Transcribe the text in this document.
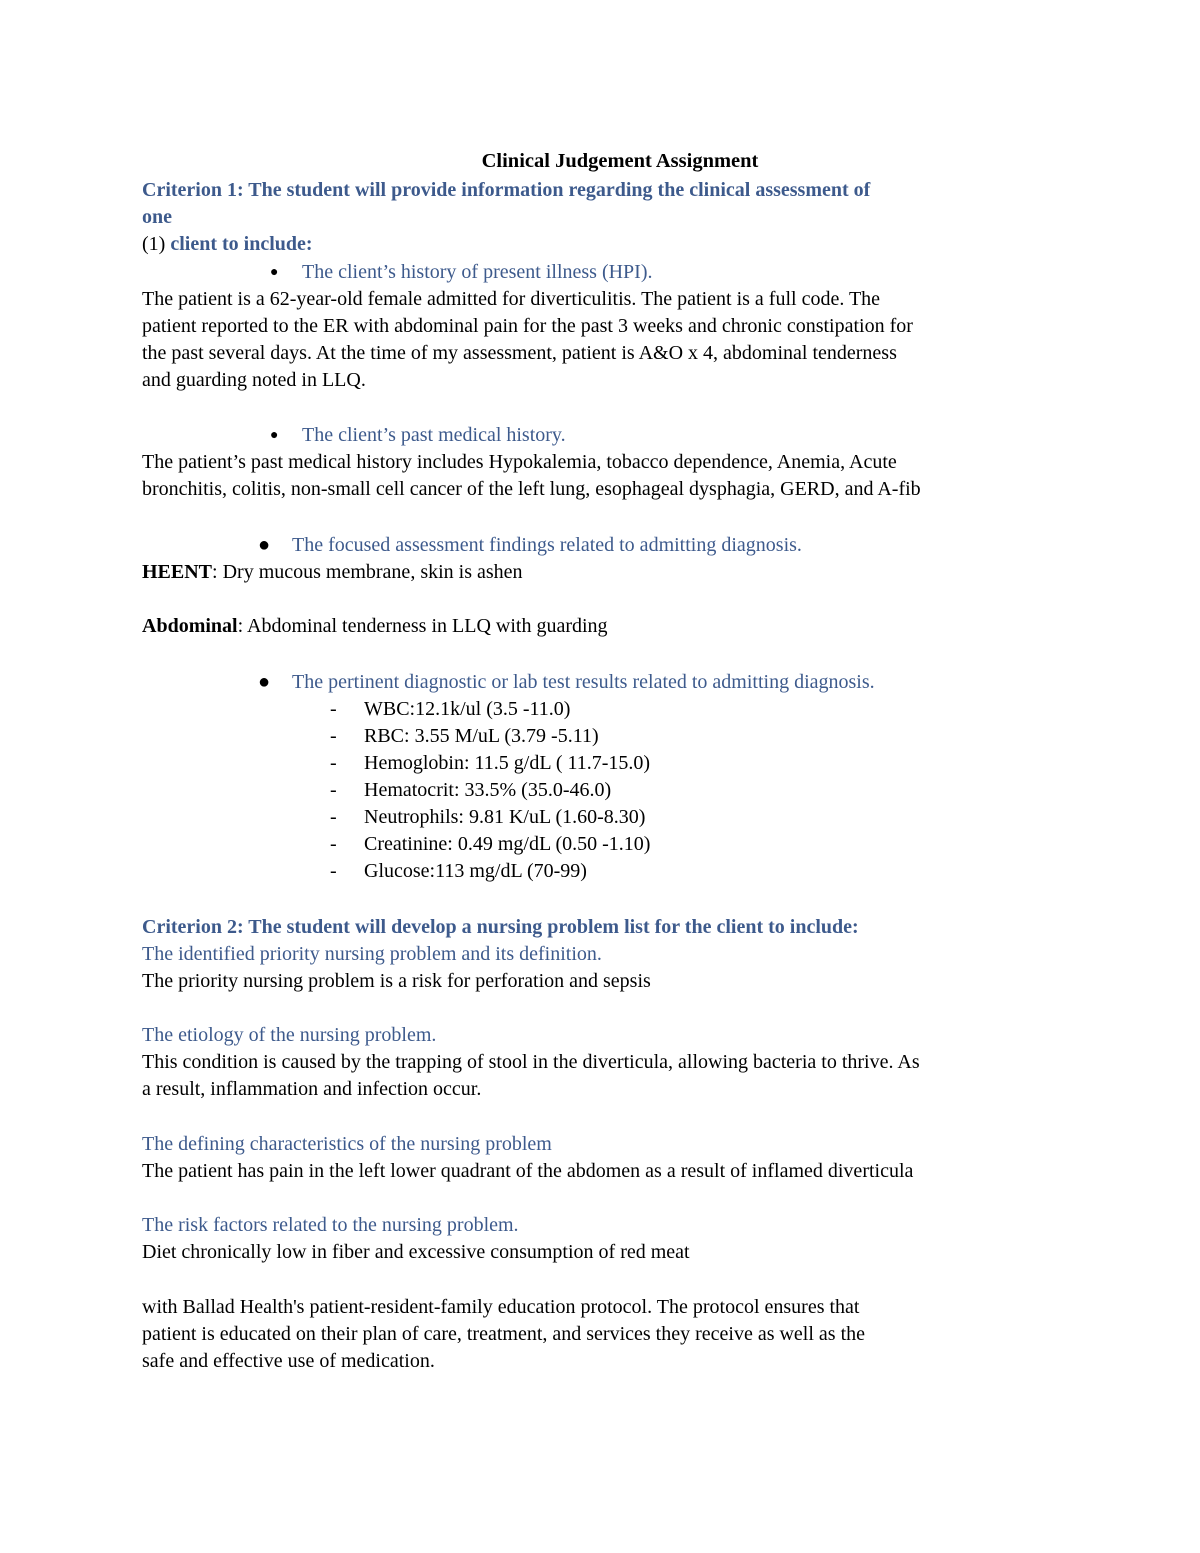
Clinical Judgement Assignment
Criterion 1: The student will provide information regarding the clinical assessment of
one
(1) client to include:
● The client’s history of present illness (HPI).
The patient is a 62-year-old female admitted for diverticulitis. The patient is a full code. The
patient reported to the ER with abdominal pain for the past 3 weeks and chronic constipation for
the past several days. At the time of my assessment, patient is A&O x 4, abdominal tenderness
and guarding noted in LLQ.
● The client’s past medical history.
The patient’s past medical history includes Hypokalemia, tobacco dependence, Anemia, Acute
bronchitis, colitis, non-small cell cancer of the left lung, esophageal dysphagia, GERD, and A-fib
● The focused assessment findings related to admitting diagnosis.
HEENT: Dry mucous membrane, skin is ashen
Abdominal: Abdominal tenderness in LLQ with guarding
● The pertinent diagnostic or lab test results related to admitting diagnosis.
- WBC:12.1k/ul (3.5 -11.0)
- RBC: 3.55 M/uL (3.79 -5.11)
- Hemoglobin: 11.5 g/dL ( 11.7-15.0)
- Hematocrit: 33.5% (35.0-46.0)
- Neutrophils: 9.81 K/uL (1.60-8.30)
- Creatinine: 0.49 mg/dL (0.50 -1.10)
- Glucose:113 mg/dL (70-99)
Criterion 2: The student will develop a nursing problem list for the client to include:
The identified priority nursing problem and its definition.
The priority nursing problem is a risk for perforation and sepsis
The etiology of the nursing problem.
This condition is caused by the trapping of stool in the diverticula, allowing bacteria to thrive. As
a result, inflammation and infection occur.
The defining characteristics of the nursing problem
The patient has pain in the left lower quadrant of the abdomen as a result of inflamed diverticula
The risk factors related to the nursing problem.
Diet chronically low in fiber and excessive consumption of red meat
with Ballad Health's patient-resident-family education protocol. The protocol ensures that
patient is educated on their plan of care, treatment, and services they receive as well as the
safe and effective use of medication.
